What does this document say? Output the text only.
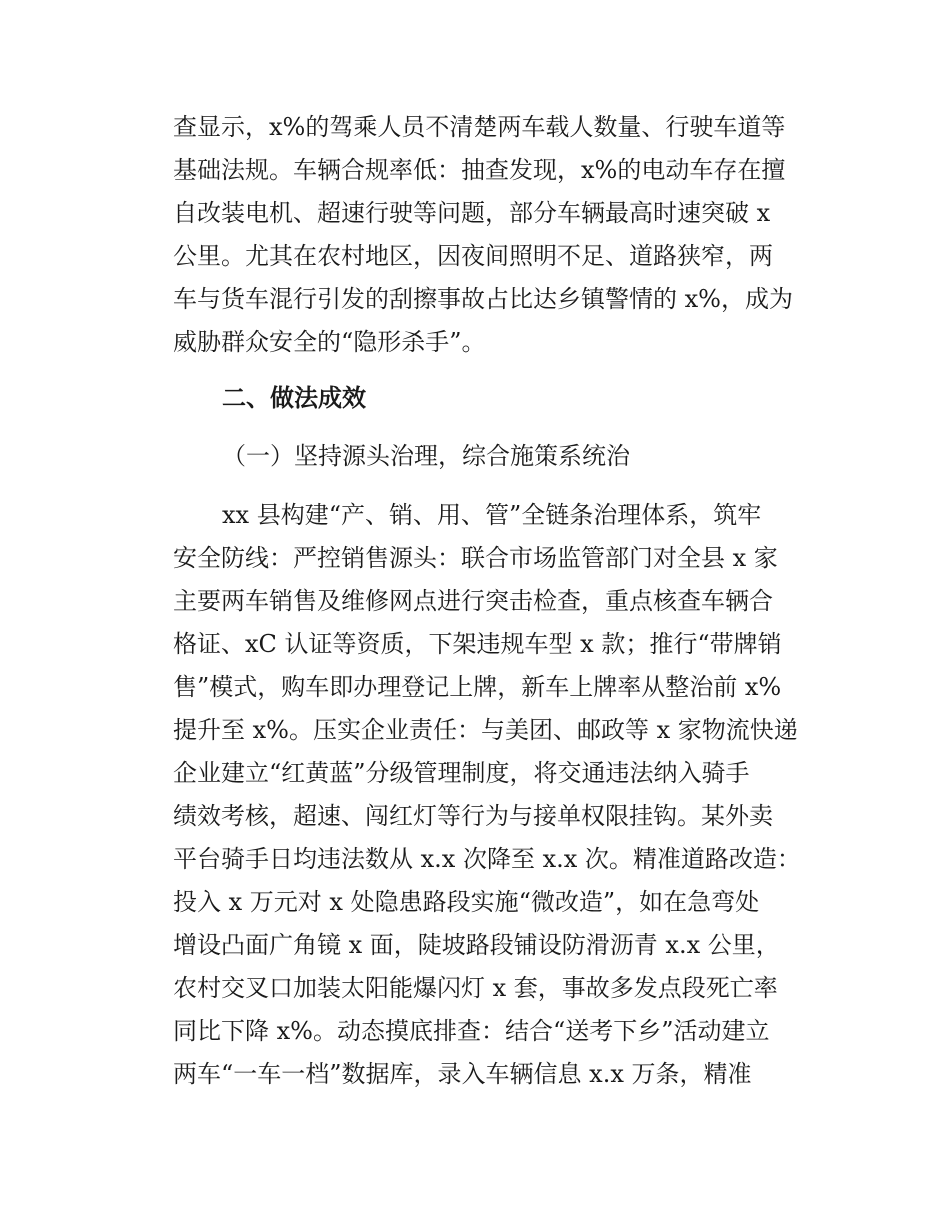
查显示，x%的驾乘人员不清楚两车载人数量、行驶车道等
基础法规。车辆合规率低：抽查发现，x%的电动车存在擅
自改装电机、超速行驶等问题，部分车辆最高时速突破 x
公里。尤其在农村地区，因夜间照明不足、道路狭窄，两
车与货车混行引发的刮擦事故占比达乡镇警情的 x%，成为
威胁群众安全的“隐形杀手”。
二、做法成效
（一）坚持源头治理，综合施策系统治
xx 县构建“产、销、用、管”全链条治理体系，筑牢
安全防线：严控销售源头：联合市场监管部门对全县 x 家
主要两车销售及维修网点进行突击检查，重点核查车辆合
格证、xC 认证等资质，下架违规车型 x 款；推行“带牌销
售”模式，购车即办理登记上牌，新车上牌率从整治前 x%
提升至 x%。压实企业责任：与美团、邮政等 x 家物流快递
企业建立“红黄蓝”分级管理制度，将交通违法纳入骑手
绩效考核，超速、闯红灯等行为与接单权限挂钩。某外卖
平台骑手日均违法数从 x.x 次降至 x.x 次。精准道路改造：
投入 x 万元对 x 处隐患路段实施“微改造”，如在急弯处
增设凸面广角镜 x 面，陡坡路段铺设防滑沥青 x.x 公里，
农村交叉口加装太阳能爆闪灯 x 套，事故多发点段死亡率
同比下降 x%。动态摸底排查：结合“送考下乡”活动建立
两车“一车一档”数据库，录入车辆信息 x.x 万条，精准
